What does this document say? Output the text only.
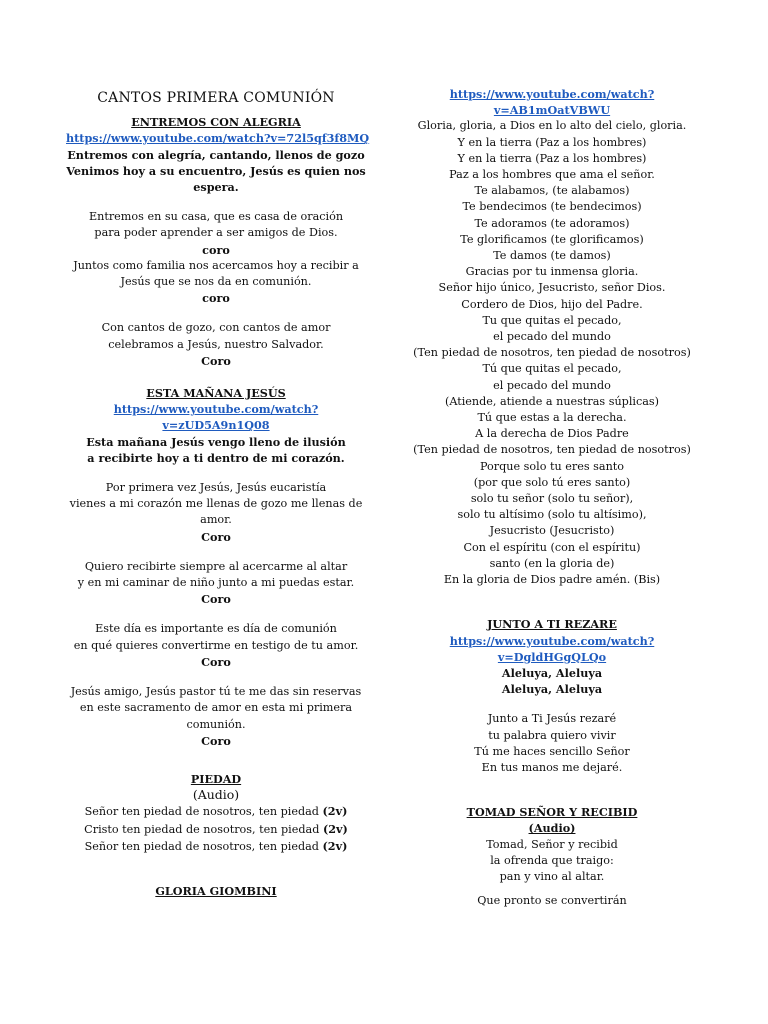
CANTOS PRIMERA COMUNIÓN
ENTREMOS CON ALEGRIA
https://www.youtube.com/watch?v=72l5qf3f8MQ
Entremos con alegría, cantando, llenos de gozo
Venimos hoy a su encuentro, Jesús es quien nos espera.
Entremos en su casa, que es casa de oración
para poder aprender a ser amigos de Dios.
coro
Juntos como familia nos acercamos hoy a recibir a
Jesús que se nos da en comunión.
coro
Con cantos de gozo, con cantos de amor
celebramos a Jesús, nuestro Salvador.
Coro
ESTA MAÑANA JESÚS
https://www.youtube.com/watch?
v=zUD5A9n1Q08
Esta mañana Jesús vengo lleno de ilusión
a recibirte hoy a ti dentro de mi corazón.
Por primera vez Jesús, Jesús eucaristía
vienes a mi corazón me llenas de gozo me llenas de amor.
Coro
Quiero recibirte siempre al acercarme al altar
y en mi caminar de niño junto a mi puedas estar.
Coro
Este día es importante es día de comunión
en qué quieres convertirme en testigo de tu amor.
Coro
Jesús amigo, Jesús pastor tú te me das sin reservas
en este sacramento de amor en esta mi primera comunión.
Coro
PIEDAD
(Audio)
Señor ten piedad de nosotros, ten piedad (2v)
Cristo ten piedad de nosotros, ten piedad (2v)
Señor ten piedad de nosotros, ten piedad (2v)
GLORIA GIOMBINI
https://www.youtube.com/watch?
v=AB1mOatVBWU
Gloria, gloria, a Dios en lo alto del cielo, gloria.
Y en la tierra (Paz a los hombres)
Y en la tierra (Paz a los hombres)
Paz a los hombres que ama el señor.
Te alabamos, (te alabamos)
Te bendecimos (te bendecimos)
Te adoramos (te adoramos)
Te glorificamos (te glorificamos)
Te damos (te damos)
Gracias por tu inmensa gloria.
Señor hijo único, Jesucristo, señor Dios.
Cordero de Dios, hijo del Padre.
Tu que quitas el pecado,
el pecado del mundo
(Ten piedad de nosotros, ten piedad de nosotros)
Tú que quitas el pecado,
el pecado del mundo
(Atiende, atiende a nuestras súplicas)
Tú que estas a la derecha.
A la derecha de Dios Padre
(Ten piedad de nosotros, ten piedad de nosotros)
Porque solo tu eres santo
(por que solo tú eres santo)
solo tu señor (solo tu señor),
solo tu altísimo (solo tu altísimo),
Jesucristo (Jesucristo)
Con el espíritu (con el espíritu)
santo (en la gloria de)
En la gloria de Dios padre amén. (Bis)
JUNTO A TI REZARE
https://www.youtube.com/watch?
v=DgldHGgQLQo
Aleluya, Aleluya
Aleluya, Aleluya
Junto a Ti Jesús rezaré
tu palabra quiero vivir
Tú me haces sencillo Señor
En tus manos me dejaré.
TOMAD SEÑOR Y RECIBID
(Audio)
Tomad, Señor y recibid
la ofrenda que traigo:
pan y vino al altar.
Que pronto se convertirán
